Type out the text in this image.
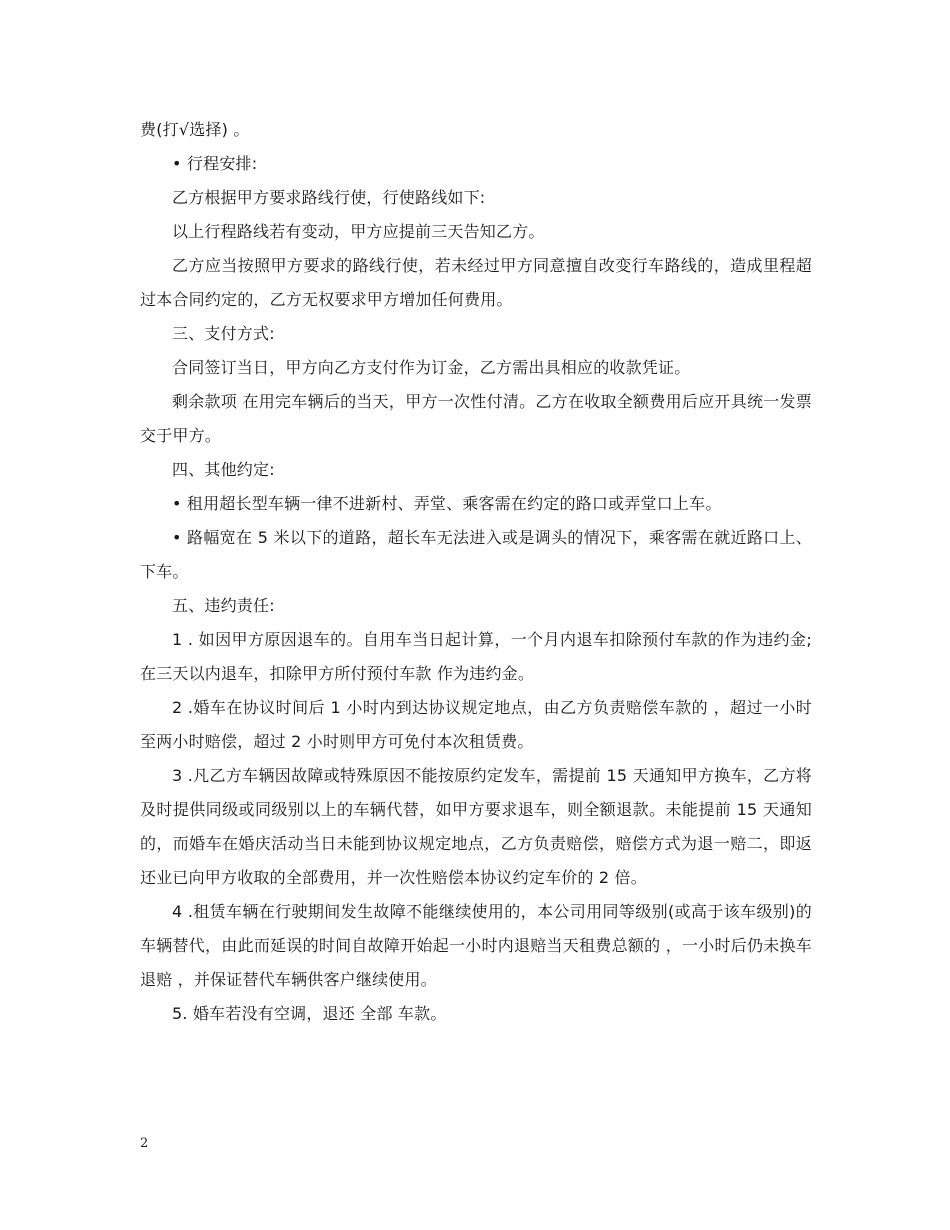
费(打√选择) 。

• 行程安排:

乙方根据甲方要求路线行使，行使路线如下:

以上行程路线若有变动，甲方应提前三天告知乙方。

乙方应当按照甲方要求的路线行使，若未经过甲方同意擅自改变行车路线的，造成里程超过本合同约定的，乙方无权要求甲方增加任何费用。

三、支付方式:

合同签订当日，甲方向乙方支付作为订金，乙方需出具相应的收款凭证。

剩余款项 在用完车辆后的当天，甲方一次性付清。乙方在收取全额费用后应开具统一发票交于甲方。

四、其他约定:

• 租用超长型车辆一律不进新村、弄堂、乘客需在约定的路口或弄堂口上车。

• 路幅宽在 5 米以下的道路，超长车无法进入或是调头的情况下，乘客需在就近路口上、下车。

五、违约责任:

1 . 如因甲方原因退车的。自用车当日起计算，一个月内退车扣除预付车款的作为违约金;在三天以内退车，扣除甲方所付预付车款 作为违约金。

2 .婚车在协议时间后 1 小时内到达协议规定地点，由乙方负责赔偿车款的 ，超过一小时至两小时赔偿，超过 2 小时则甲方可免付本次租赁费。

3 .凡乙方车辆因故障或特殊原因不能按原约定发车，需提前 15 天通知甲方换车，乙方将及时提供同级或同级别以上的车辆代替，如甲方要求退车，则全额退款。未能提前 15 天通知的，而婚车在婚庆活动当日未能到协议规定地点，乙方负责赔偿，赔偿方式为退一赔二，即返还业已向甲方收取的全部费用，并一次性赔偿本协议约定车价的 2 倍。

4 .租赁车辆在行驶期间发生故障不能继续使用的，本公司用同等级别(或高于该车级别)的车辆替代，由此而延误的时间自故障开始起一小时内退赔当天租费总额的 ，一小时后仍未换车退赔 ，并保证替代车辆供客户继续使用。

5. 婚车若没有空调，退还 全部 车款。

2
